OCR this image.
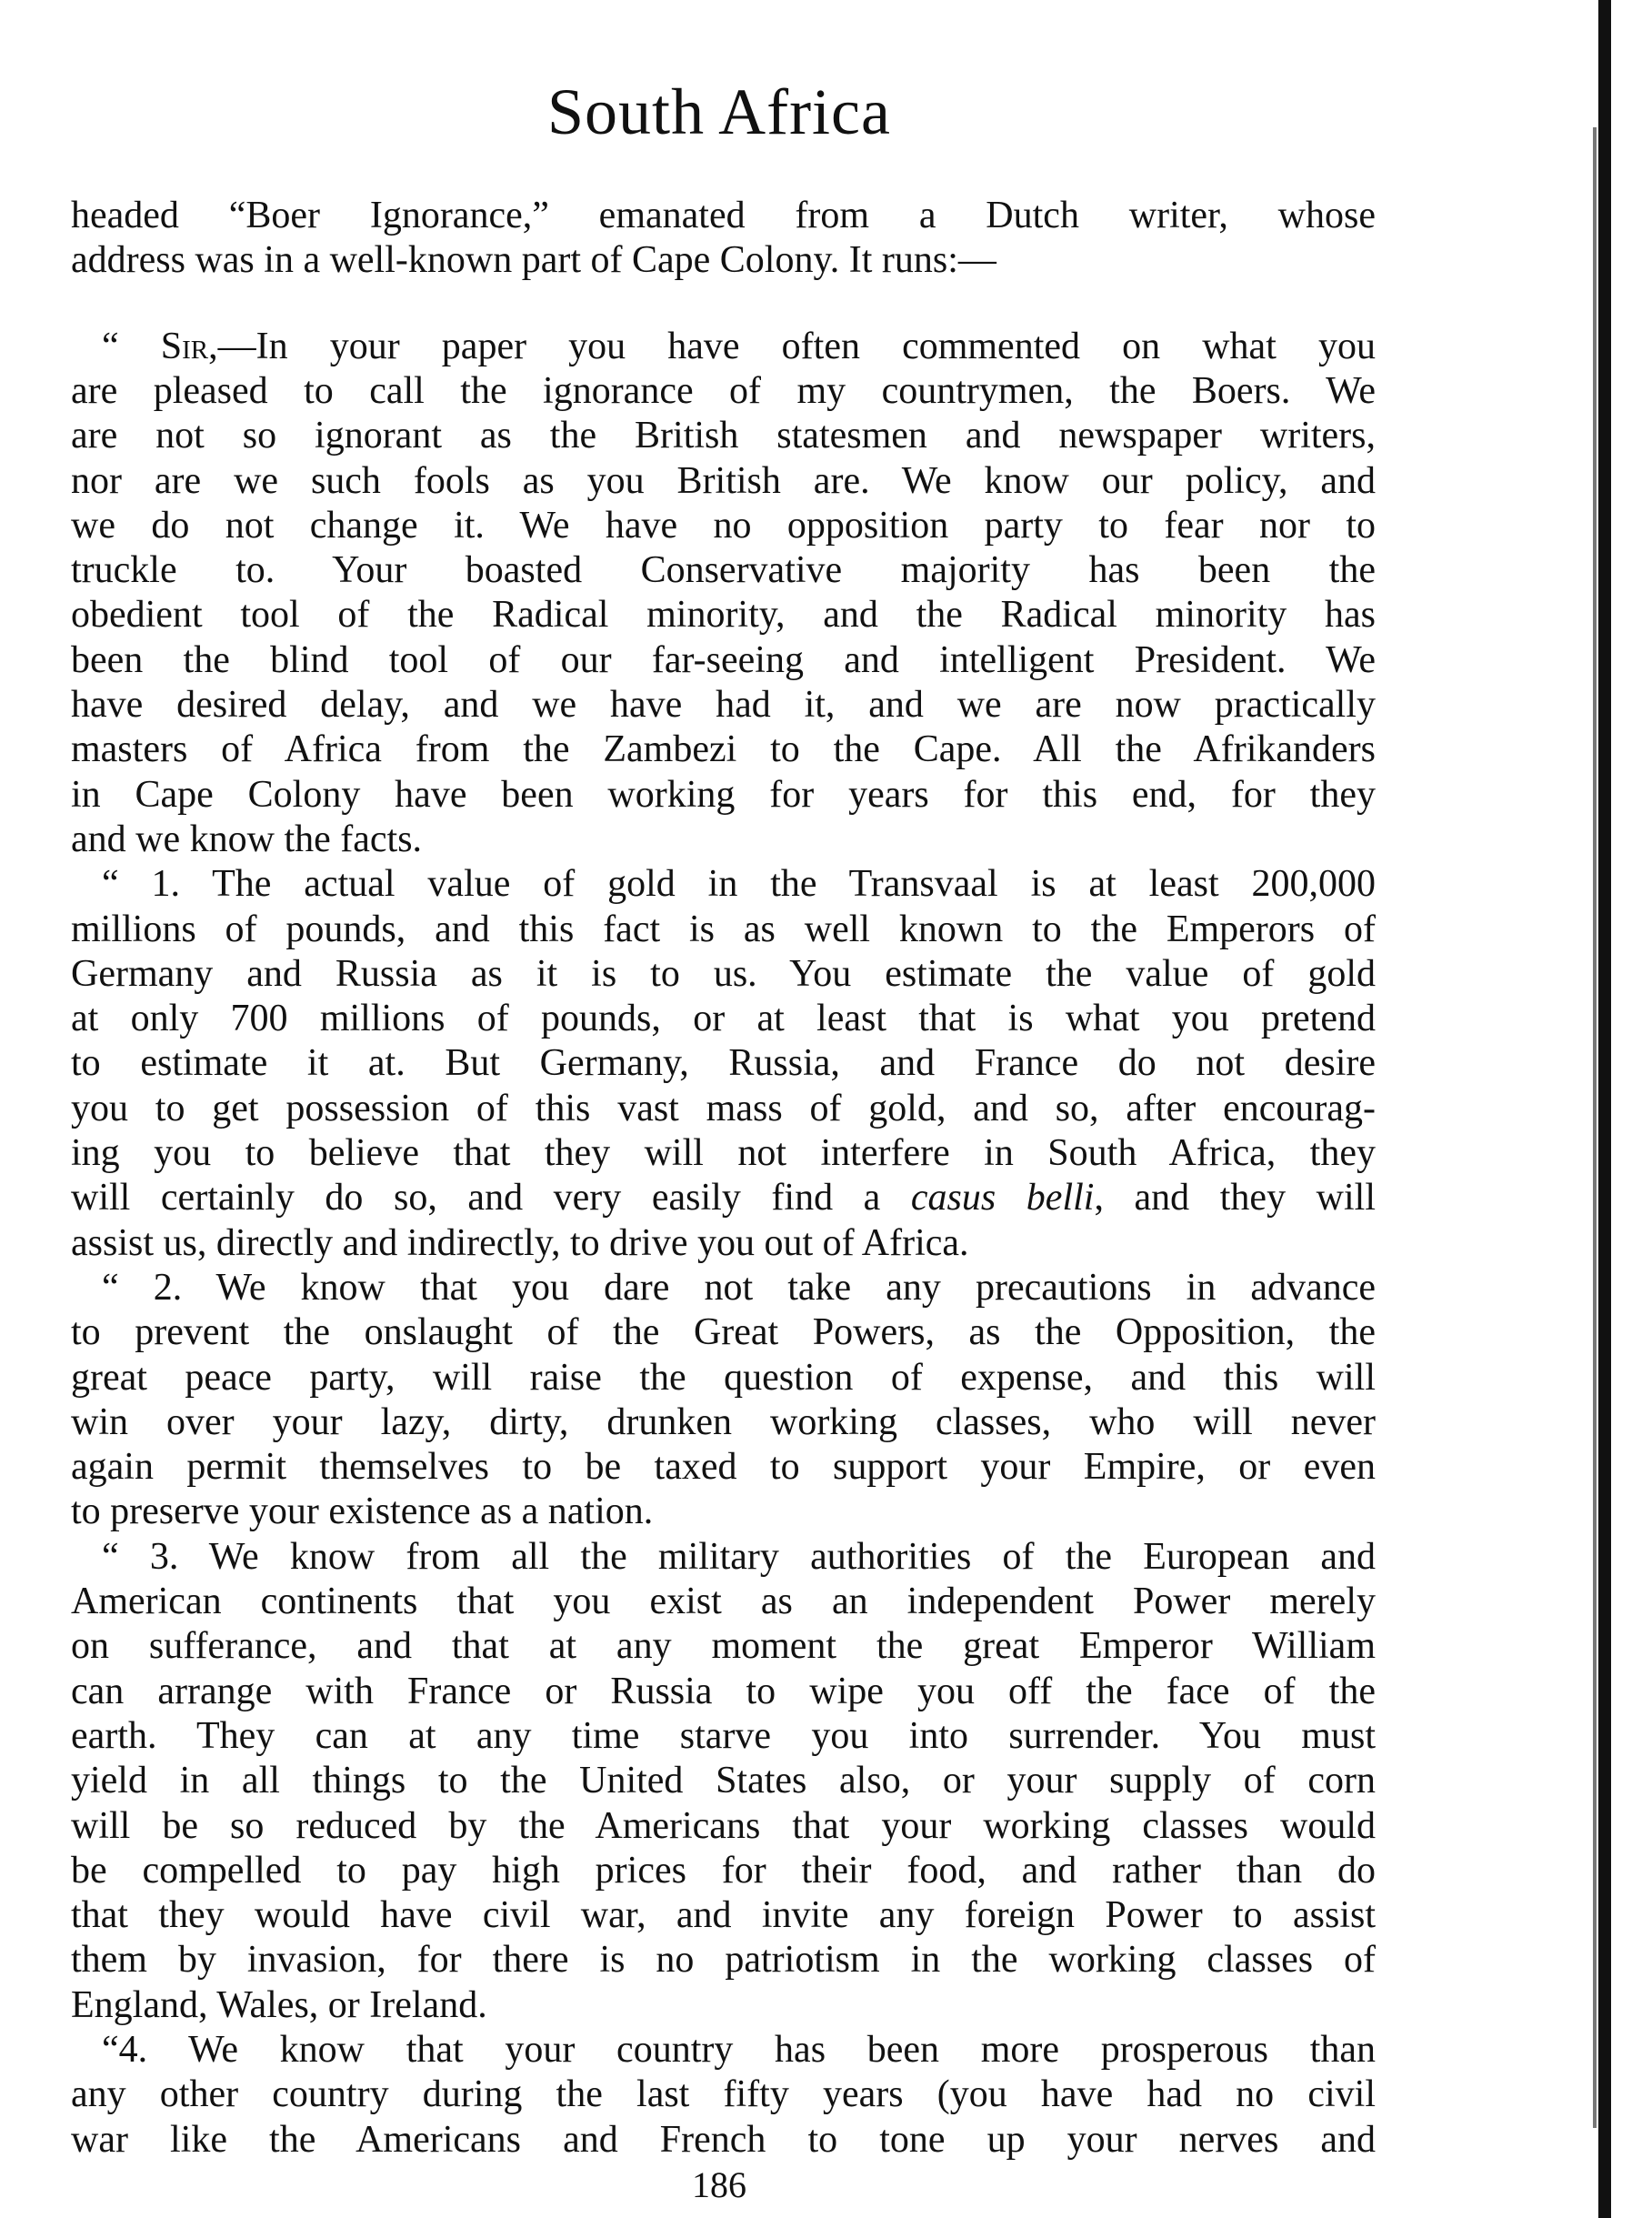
South Africa
headed “Boer Ignorance,” emanated from a Dutch writer, whose
address was in a well-known part of Cape Colony. It runs:—
“ Sir,—In your paper you have often commented on what you
are pleased to call the ignorance of my countrymen, the Boers. We
are not so ignorant as the British statesmen and newspaper writers,
nor are we such fools as you British are. We know our policy, and
we do not change it. We have no opposition party to fear nor to
truckle to. Your boasted Conservative majority has been the
obedient tool of the Radical minority, and the Radical minority has
been the blind tool of our far-seeing and intelligent President. We
have desired delay, and we have had it, and we are now practically
masters of Africa from the Zambezi to the Cape. All the Afrikanders
in Cape Colony have been working for years for this end, for they
and we know the facts.
“ 1. The actual value of gold in the Transvaal is at least 200,000
millions of pounds, and this fact is as well known to the Emperors of
Germany and Russia as it is to us. You estimate the value of gold
at only 700 millions of pounds, or at least that is what you pretend
to estimate it at. But Germany, Russia, and France do not desire
you to get possession of this vast mass of gold, and so, after encourag-
ing you to believe that they will not interfere in South Africa, they
will certainly do so, and very easily find a casus belli, and they will
assist us, directly and indirectly, to drive you out of Africa.
“ 2. We know that you dare not take any precautions in advance
to prevent the onslaught of the Great Powers, as the Opposition, the
great peace party, will raise the question of expense, and this will
win over your lazy, dirty, drunken working classes, who will never
again permit themselves to be taxed to support your Empire, or even
to preserve your existence as a nation.
“ 3. We know from all the military authorities of the European and
American continents that you exist as an independent Power merely
on sufferance, and that at any moment the great Emperor William
can arrange with France or Russia to wipe you off the face of the
earth. They can at any time starve you into surrender. You must
yield in all things to the United States also, or your supply of corn
will be so reduced by the Americans that your working classes would
be compelled to pay high prices for their food, and rather than do
that they would have civil war, and invite any foreign Power to assist
them by invasion, for there is no patriotism in the working classes of
England, Wales, or Ireland.
“4. We know that your country has been more prosperous than
any other country during the last fifty years (you have had no civil
war like the Americans and French to tone up your nerves and
186
